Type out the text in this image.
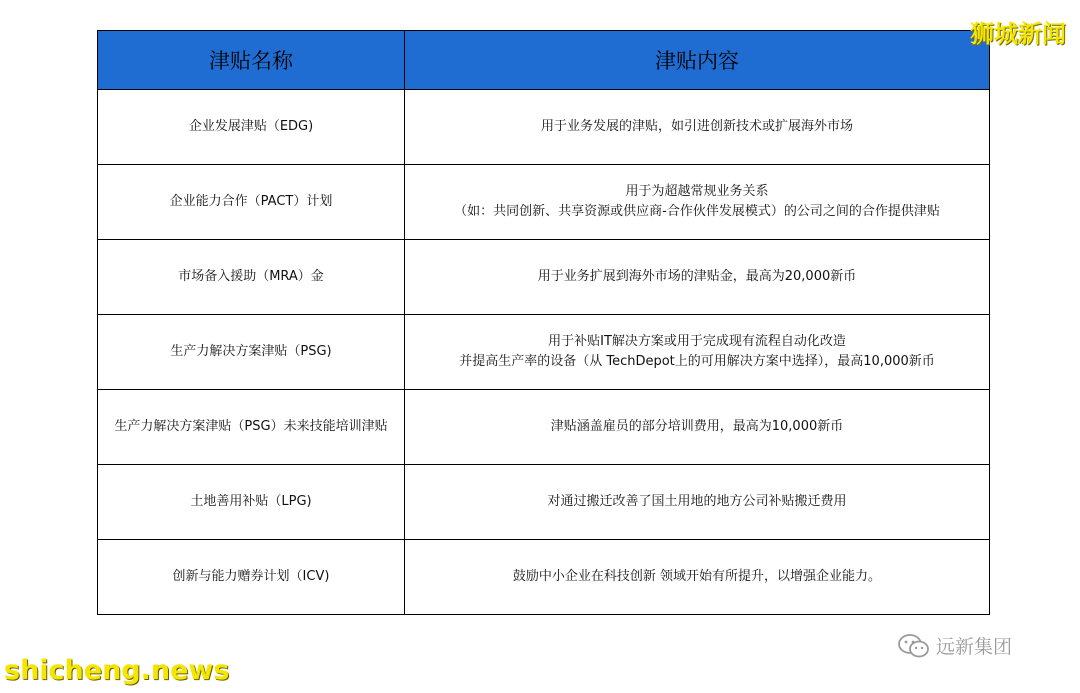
津贴名称	津贴内容
企业发展津贴（EDG)	用于业务发展的津贴，如引进创新技术或扩展海外市场

企业能力合作（PACT）计划	用于为超越常规业务关系
（如：共同创新、共享资源或供应商-合作伙伴发展模式）的公司之间的合作提供津贴

市场备入援助（MRA）金	用于业务扩展到海外市场的津贴金，最高为20,000新币

生产力解决方案津贴（PSG)	用于补贴IT解决方案或用于完成现有流程自动化改造
并提高生产率的设备（从 TechDepot上的可用解决方案中选择），最高10,000新币

生产力解决方案津贴（PSG）未来技能培训津贴	津贴涵盖雇员的部分培训费用，最高为10,000新币

土地善用补贴（LPG)	对通过搬迁改善了国土用地的地方公司补贴搬迁费用

创新与能力赠券计划（ICV)	鼓励中小企业在科技创新 领域开始有所提升，以增强企业能力。
狮城新闻
shicheng.news
远新集团
